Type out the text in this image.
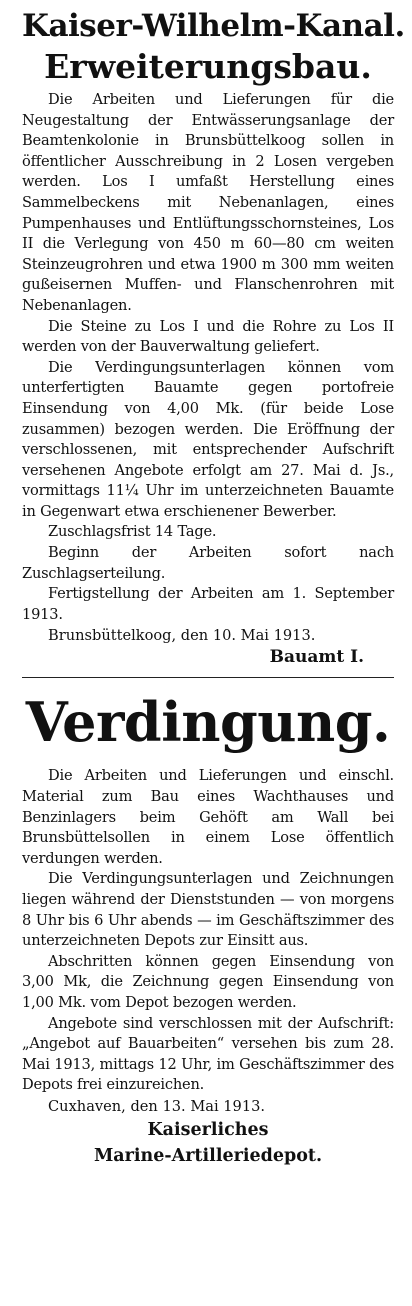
Kaiser-Wilhelm-Kanal.
Erweiterungsbau.

Die Arbeiten und Lieferungen für die Neugestaltung der Entwässerungsanlage der Beamtenkolonie in Brunsbüttelkoog sollen in öffentlicher Ausschreibung in 2 Losen vergeben werden. Los I umfaßt Herstellung eines Sammelbeckens mit Nebenanlagen, eines Pumpenhauses und Entlüftungsschornsteines, Los II die Verlegung von 450 m 60—80 cm weiten Steinzeugrohren und etwa 1900 m 300 mm weiten gußeisernen Muffen- und Flanschenrohren mit Nebenanlagen.

Die Steine zu Los I und die Rohre zu Los II werden von der Bauverwaltung geliefert.

Die Verdingungsunterlagen können vom unterfertigten Bauamte gegen portofreie Einsendung von 4,00 Mk. (für beide Lose zusammen) bezogen werden. Die Eröffnung der verschlossenen, mit entsprechender Aufschrift versehenen Angebote erfolgt am 27. Mai d. Js., vormittags 11¼ Uhr im unterzeichneten Bauamte in Gegenwart etwa erschienener Bewerber.

Zuschlagsfrist 14 Tage.

Beginn der Arbeiten sofort nach Zuschlagserteilung.

Fertigstellung der Arbeiten am 1. September 1913.

Brunsbüttelkoog, den 10. Mai 1913.

Bauamt I.

Verdingung.

Die Arbeiten und Lieferungen und einschl. Material zum Bau eines Wachthauses und Benzinlagers beim Gehöft am Wall bei Brunsbüttelsollen in einem Lose öffentlich verdungen werden.

Die Verdingungsunterlagen und Zeichnungen liegen während der Dienststunden — von morgens 8 Uhr bis 6 Uhr abends — im Geschäftszimmer des unterzeichneten Depots zur Einsitt aus.

Abschritten können gegen Einsendung von 3,00 Mk, die Zeichnung gegen Einsendung von 1,00 Mk. vom Depot bezogen werden.

Angebote sind verschlossen mit der Aufschrift: „Angebot auf Bauarbeiten“ versehen bis zum 28. Mai 1913, mittags 12 Uhr, im Geschäftszimmer des Depots frei einzureichen.

Cuxhaven, den 13. Mai 1913.

Kaiserliches

Marine-Artilleriedepot.
